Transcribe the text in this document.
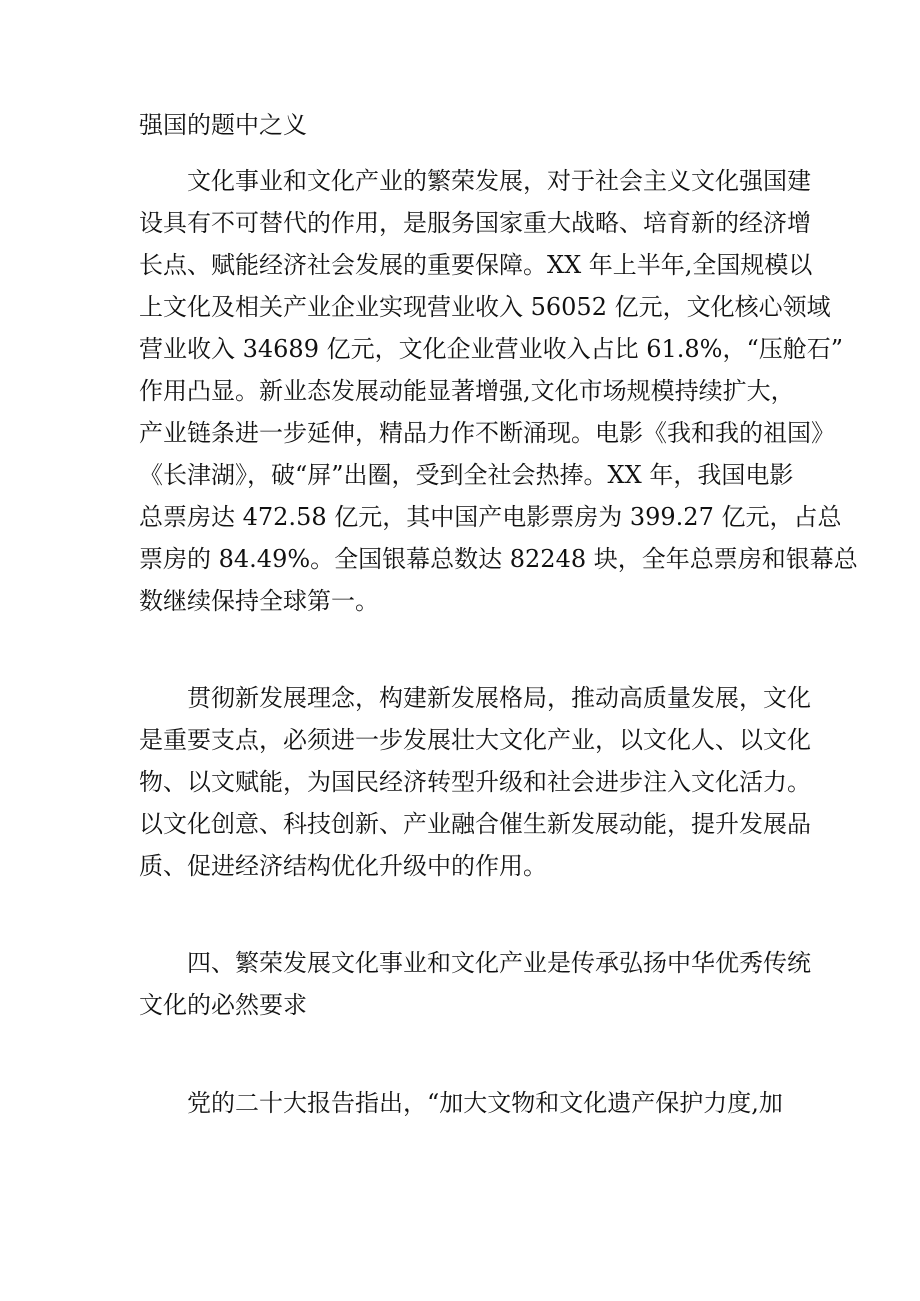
强国的题中之义
文化事业和文化产业的繁荣发展，对于社会主义文化强国建
设具有不可替代的作用，是服务国家重大战略、培育新的经济增
长点、赋能经济社会发展的重要保障。XX 年上半年,全国规模以
上文化及相关产业企业实现营业收入 56052 亿元，文化核心领域
营业收入 34689 亿元，文化企业营业收入占比 61.8%，“压舱石”
作用凸显。新业态发展动能显著增强,文化市场规模持续扩大，
产业链条进一步延伸，精品力作不断涌现。电影《我和我的祖国》
《长津湖》，破“屏”出圈，受到全社会热捧。XX 年，我国电影
总票房达 472.58 亿元，其中国产电影票房为 399.27 亿元，占总
票房的 84.49%。全国银幕总数达 82248 块，全年总票房和银幕总
数继续保持全球第一。
贯彻新发展理念，构建新发展格局，推动高质量发展，文化
是重要支点，必须进一步发展壮大文化产业，以文化人、以文化
物、以文赋能，为国民经济转型升级和社会进步注入文化活力。
以文化创意、科技创新、产业融合催生新发展动能，提升发展品
质、促进经济结构优化升级中的作用。
四、繁荣发展文化事业和文化产业是传承弘扬中华优秀传统
文化的必然要求
党的二十大报告指出，“加大文物和文化遗产保护力度,加
